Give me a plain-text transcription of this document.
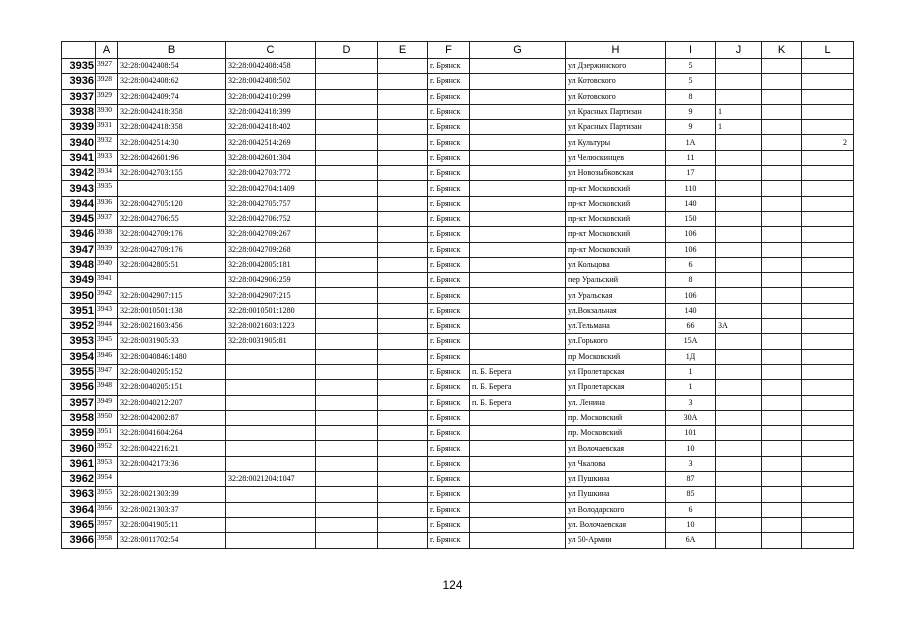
	A	B	C	D	E	F	G	H	I	J	K	L
3935	3927	32:28:0042408:54	32:28:0042408:458			г. Брянск		ул Дзержинского	5			
3936	3928	32:28:0042408:62	32:28:0042408:502			г. Брянск		ул Котовского	5			
3937	3929	32:28:0042409:74	32:28:0042410:299			г. Брянск		ул Котовского	8			
3938	3930	32:28:0042418:358	32:28:0042418:399			г. Брянск		ул Красных Партизан	9	1		
3939	3931	32:28:0042418:358	32:28:0042418:402			г. Брянск		ул Красных Партизан	9	1		
3940	3932	32:28:0042514:30	32:28:0042514:269			г. Брянск		ул Культуры	1А			2
3941	3933	32:28:0042601:96	32:28:0042601:304			г. Брянск		ул Челюскинцев	11			
3942	3934	32:28:0042703:155	32:28:0042703:772			г. Брянск		ул Новозыбковская	17			
3943	3935		32:28:0042704:1409			г. Брянск		пр-кт Московский	110			
3944	3936	32:28:0042705:120	32:28:0042705:757			г. Брянск		пр-кт Московский	140			
3945	3937	32:28:0042706:55	32:28:0042706:752			г. Брянск		пр-кт Московский	150			
3946	3938	32:28:0042709:176	32:28:0042709:267			г. Брянск		пр-кт Московский	106			
3947	3939	32:28:0042709:176	32:28:0042709:268			г. Брянск		пр-кт Московский	106			
3948	3940	32:28:0042805:51	32:28:0042805:181			г. Брянск		ул Кольцова	6			
3949	3941		32:28:0042906:259			г. Брянск		пер Уральский	8			
3950	3942	32:28:0042907:115	32:28:0042907:215			г. Брянск		ул Уральская	106			
3951	3943	32:28:0010501:138	32:28:0010501:1280			г. Брянск		ул.Вокзальная	140			
3952	3944	32:28:0021603:456	32:28:0021603:1223			г. Брянск		ул.Тельмана	66	3А		
3953	3945	32:28:0031905:33	32:28:0031905:81			г. Брянск		ул.Горького	15А			
3954	3946	32:28:0040846:1480				г. Брянск		пр Московский	1Д			
3955	3947	32:28:0040205:152				г. Брянск	п. Б. Берега	ул Пролетарская	1			
3956	3948	32:28:0040205:151				г. Брянск	п. Б. Берега	ул Пролетарская	1			
3957	3949	32:28:0040212:207				г. Брянск	п. Б. Берега	ул. Ленина	3			
3958	3950	32:28:0042002:87				г. Брянск		пр. Московский	30А			
3959	3951	32:28:0041604:264				г. Брянск		пр. Московский	101			
3960	3952	32:28:0042216:21				г. Брянск		ул Волочаевская	10			
3961	3953	32:28:0042173:36				г. Брянск		ул Чкалова	3			
3962	3954		32:28:0021204:1047			г. Брянск		ул Пушкина	87			
3963	3955	32:28:0021303:39				г. Брянск		ул Пушкина	85			
3964	3956	32:28:0021303:37				г. Брянск		ул Володарского	6			
3965	3957	32:28:0041905:11				г. Брянск		ул. Волочаевская	10			
3966	3958	32:28:0011702:54				г. Брянск		ул 50-Армии	6А			
124
